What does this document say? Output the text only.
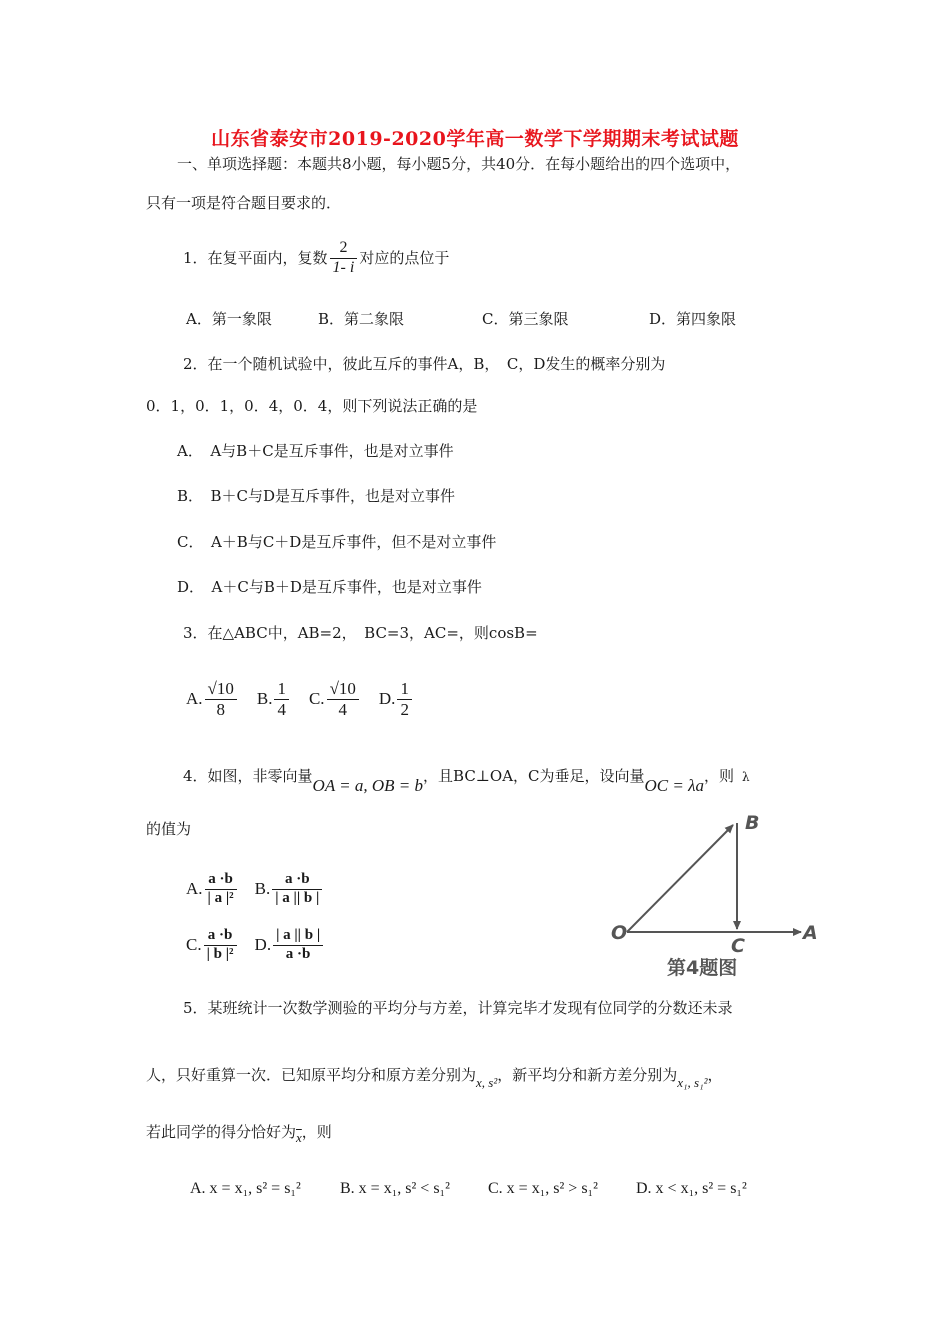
山东省泰安市2019-2020学年高一数学下学期期末考试试题
一、单项选择题：本题共8小题，每小题5分，共40分．在每小题给出的四个选项中，
只有一项是符合题目要求的．
1．在复平面内，复数 $\frac{2}{1- i}$ 对应的点位于
A．第一象限	B．第二象限	C．第三象限	D．第四象限
2．在一个随机试验中，彼此互斥的事件A，B，　C，D发生的概率分别为
0．1，0．1，0．4，0．4，则下列说法正确的是
A．　A与B＋C是互斥事件，也是对立事件
B．　B＋C与D是互斥事件，也是对立事件
C．　A＋B与C＋D是互斥事件，但不是对立事件
D．　A＋C与B＋D是互斥事件，也是对立事件
3．在△ABC中，AB=2，　BC=3，AC=，则cosB=
A. $\frac{√10}{8} B$. $\frac{1}{4} C$. $\frac{√10}{4} D$. $\frac{1}{2}$
4．如图，非零向量 OA = a, OB = b ，且BC⊥OA，C为垂足，设向量 OC = λa ，则 λ
的值为
A. $\frac{a \cdot b}{\text{| a |²}} B$. $\frac{a \cdot b}{| a || b |}$
C. $\frac{a \cdot b}{\text{| b |²}} D$. $\frac{| a || b |}{a \cdot b}$	O
B
C
A
第4题图
5．某班统计一次数学测验的平均分与方差，计算完毕才发现有位同学的分数还未录
人，只好重算一次．已知原平均分和原方差分别为 x, s² ，新平均分和新方差分别为 x₁, s₁² ，
若此同学的得分恰好为 $\overline{x}$ ，则
A. x = x₁, s² = s₁² B. x = x₁, s² < s₁² C. x = x₁, s² > s₁² D. x < x₁, s² = s₁²
